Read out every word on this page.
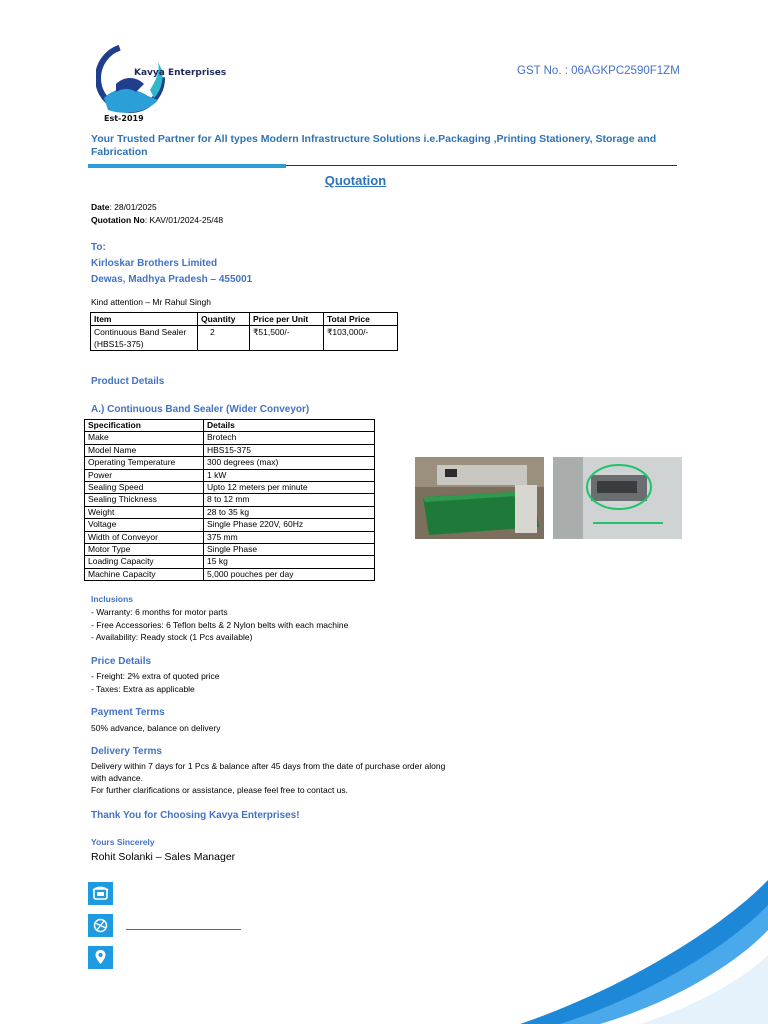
Kavya Enterprises
Est-2019
GST No. : 06AGKPC2590F1ZM
Your Trusted Partner for All types Modern Infrastructure Solutions i.e.Packaging ,Printing Stationery, Storage and Fabrication
Quotation
Date: 28/01/2025
Quotation No: KAV/01/2024-25/48
To:
Kirloskar Brothers Limited
Dewas, Madhya Pradesh – 455001
Kind attention – Mr Rahul Singh
Item	Quantity	Price per Unit	Total Price
Continuous Band Sealer (HBS15-375)	2	₹51,500/-	₹103,000/-
Product Details
A.) Continuous Band Sealer (Wider Conveyor)
Specification	Details
Make	Brotech
Model Name	HBS15-375
Operating Temperature	300 degrees (max)
Power	1 kW
Sealing Speed	Upto 12 meters per minute
Sealing Thickness	8 to 12 mm
Weight	28 to 35 kg
Voltage	Single Phase 220V, 60Hz
Width of Conveyor	375 mm
Motor Type	Single Phase
Loading Capacity	15 kg
Machine Capacity	5,000 pouches per day
Inclusions
- Warranty: 6 months for motor parts
- Free Accessories: 6 Teflon belts & 2 Nylon belts with each machine
- Availability: Ready stock (1 Pcs available)
Price Details
- Freight: 2% extra of quoted price
- Taxes: Extra as applicable
Payment Terms
50% advance, balance on delivery
Delivery Terms
Delivery within 7 days for 1 Pcs & balance after 45 days from the date of purchase order along
with advance.
For further clarifications or assistance, please feel free to contact us.
Thank You for Choosing Kavya Enterprises!
Yours Sincerely
Rohit Solanki – Sales Manager
